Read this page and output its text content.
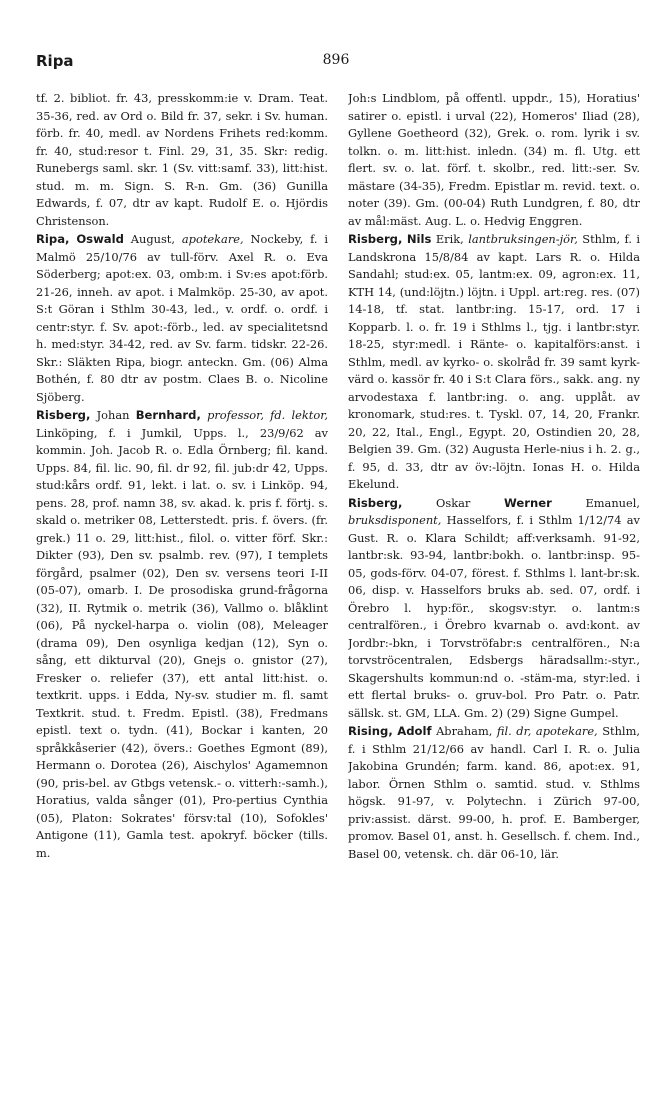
Ripa	896

tf. 2. bibliot. fr. 43, presskomm:ie v. Dram. Teat. 35-36, red. av Ord o. Bild fr. 37, sekr. i Sv. human. förb. fr. 40, medl. av Nordens Frihets red:komm. fr. 40, stud:resor t. Finl. 29, 31, 35. Skr: redig. Runebergs saml. skr. 1 (Sv. vitt:samf. 33), litt:hist. stud. m. m. Sign. S. R-n. Gm. (36) Gunilla Edwards, f. 07, dtr av kapt. Rudolf E. o. Hjördis Christenson.

Ripa, Oswald August, apotekare, Nockeby, f. i Malmö 25/10/76 av tull-förv. Axel R. o. Eva Söderberg; apot:ex. 03, omb:m. i Sv:es apot:förb. 21-26, inneh. av apot. i Malmköp. 25-30, av apot. S:t Göran i Sthlm 30-43, led., v. ordf. o. ordf. i centr:styr. f. Sv. apot:-förb., led. av specialitetsnd h. med:styr. 34-42, red. av Sv. farm. tidskr. 22-26. Skr.: Släkten Ripa, biogr. anteckn. Gm. (06) Alma Bothén, f. 80 dtr av postm. Claes B. o. Nicoline Sjöberg.

Risberg, Johan Bernhard, professor, fd. lektor, Linköping, f. i Jumkil, Upps. l., 23/9/62 av kommin. Joh. Jacob R. o. Edla Örnberg; fil. kand. Upps. 84, fil. lic. 90, fil. dr 92, fil. jub:dr 42, Upps. stud:kårs ordf. 91, lekt. i lat. o. sv. i Linköp. 94, pens. 28, prof. namn 38, sv. akad. k. pris f. förtj. s. skald o. metriker 08, Letterstedt. pris. f. övers. (fr. grek.) 11 o. 29, litt:hist., filol. o. vitter förf. Skr.: Dikter (93), Den sv. psalmb. rev. (97), I templets förgård, psalmer (02), Den sv. versens teori I-II (05-07), omarb. I. De prosodiska grund-frågorna (32), II. Rytmik o. metrik (36), Vallmo o. blåklint (06), På nyckel-harpa o. violin (08), Meleager (drama 09), Den osynliga kedjan (12), Syn o. sång, ett dikturval (20), Gnejs o. gnistor (27), Fresker o. reliefer (37), ett antal litt:hist. o. textkrit. upps. i Edda, Ny-sv. studier m. fl. samt Textkrit. stud. t. Fredm. Epistl. (38), Fredmans epistl. text o. tydn. (41), Bockar i kanten, 20 språkkåserier (42), övers.: Goethes Egmont (89), Hermann o. Dorotea (26), Aischylos' Agamemnon (90, pris-bel. av Gtbgs vetensk.- o. vitterh:-samh.), Horatius, valda sånger (01), Pro-pertius Cynthia (05), Platon: Sokrates' försv:tal (10), Sofokles' Antigone (11), Gamla test. apokryf. böcker (tills. m.

Joh:s Lindblom, på offentl. uppdr., 15), Horatius' satirer o. epistl. i urval (22), Homeros' Iliad (28), Gyllene Goetheord (32), Grek. o. rom. lyrik i sv. tolkn. o. m. litt:hist. inledn. (34) m. fl. Utg. ett flert. sv. o. lat. förf. t. skolbr., red. litt:-ser. Sv. mästare (34-35), Fredm. Epistlar m. revid. text. o. noter (39). Gm. (00-04) Ruth Lundgren, f. 80, dtr av mål:mäst. Aug. L. o. Hedvig Enggren.

Risberg, Nils Erik, lantbruksingen-jör, Sthlm, f. i Landskrona 15/8/84 av kapt. Lars R. o. Hilda Sandahl; stud:ex. 05, lantm:ex. 09, agron:ex. 11, KTH 14, (und:löjtn.) löjtn. i Uppl. art:reg. res. (07) 14-18, tf. stat. lantbr:ing. 15-17, ord. 17 i Kopparb. l. o. fr. 19 i Sthlms l., tjg. i lantbr:styr. 18-25, styr:medl. i Ränte- o. kapitalförs:anst. i Sthlm, medl. av kyrko- o. skolråd fr. 39 samt kyrk-värd o. kassör fr. 40 i S:t Clara förs., sakk. ang. ny arvodestaxa f. lantbr:ing. o. ang. upplåt. av kronomark, stud:res. t. Tyskl. 07, 14, 20, Frankr. 20, 22, Ital., Engl., Egypt. 20, Ostindien 20, 28, Belgien 39. Gm. (32) Augusta Herle-nius i h. 2. g., f. 95, d. 33, dtr av öv:-löjtn. Ionas H. o. Hilda Ekelund.

Risberg,	Oskar	Werner	Emanuel, bruksdisponent, Hasselfors, f. i Sthlm 1/12/74 av Gust. R. o. Klara Schildt; aff:verksamh. 91-92, lantbr:sk. 93-94, lantbr:bokh. o. lantbr:insp. 95-05, gods-förv. 04-07, förest. f. Sthlms l. lant-br:sk. 06, disp. v. Hasselfors bruks ab. sed. 07, ordf. i Örebro l. hyp:för., skogsv:styr. o. lantm:s centralfören., i Örebro kvarnab o. avd:kont. av Jordbr:-bkn, i Torvströfabr:s centralfören., N:a torvströcentralen, Edsbergs häradsallm:-styr., Skagershults kommun:nd o. -stäm-ma, styr:led. i ett flertal bruks- o. gruv-bol. Pro Patr. o. Patr. sällsk. st. GM, LLA. Gm. 2) (29) Signe Gumpel.

Rising, Adolf Abraham, fil. dr, apotekare, Sthlm, f. i Sthlm 21/12/66 av handl. Carl I. R. o. Julia Jakobina Grundén; farm. kand. 86, apot:ex. 91, labor. Örnen Sthlm o. samtid. stud. v. Sthlms högsk. 91-97, v. Polytechn. i Zürich 97-00, priv:assist. därst. 99-00, h. prof. E. Bamberger, promov. Basel 01, anst. h. Gesellsch. f. chem. Ind., Basel 00, vetensk. ch. där 06-10, lär.
